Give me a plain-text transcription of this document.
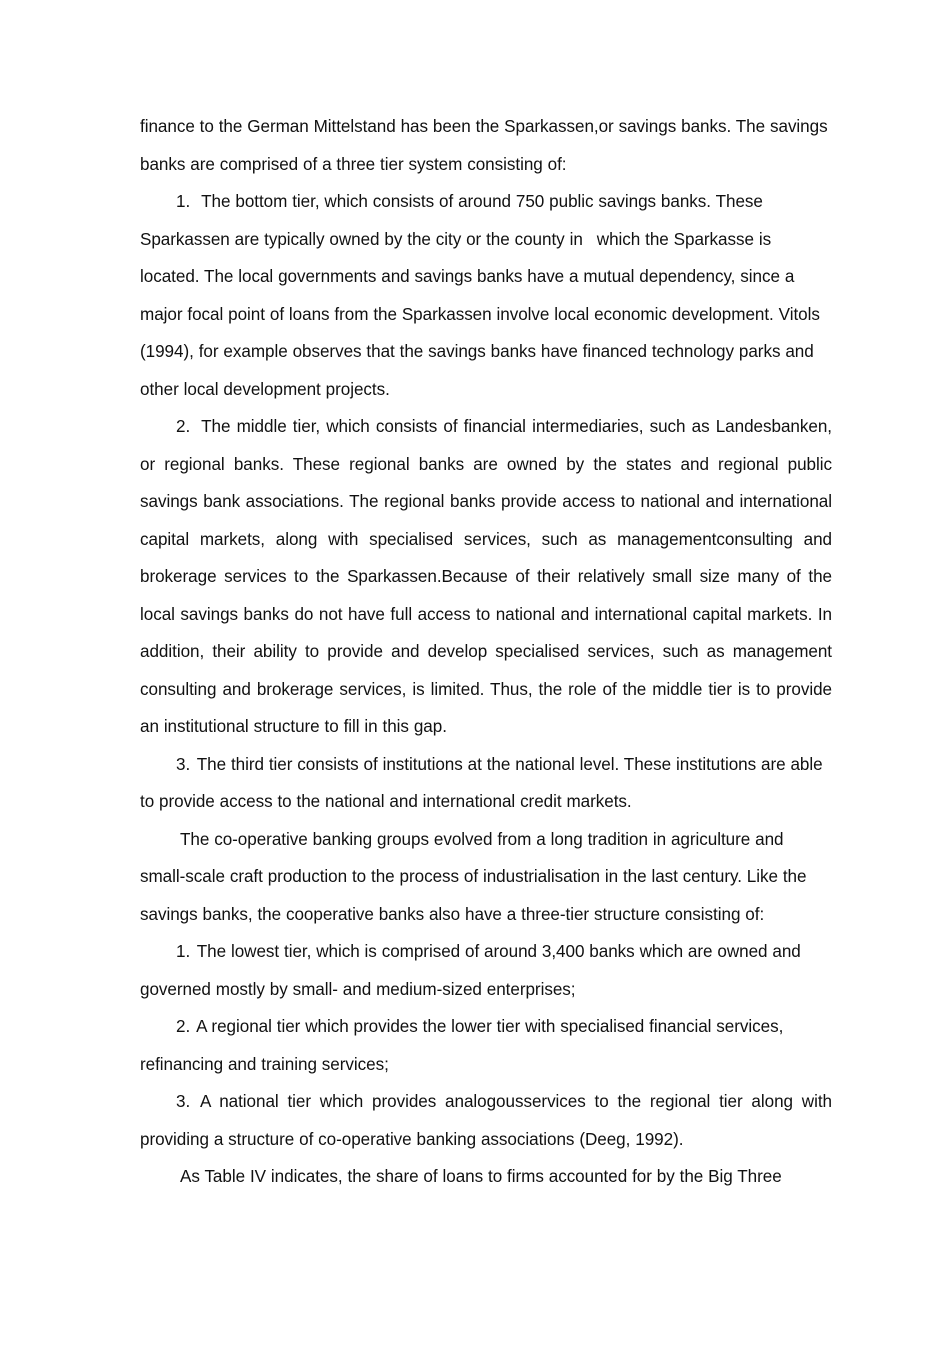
finance to the German Mittelstand has been the Sparkassen,or savings banks. The savings banks are comprised of a three tier system consisting of:

1. The bottom tier, which consists of around 750 public savings banks. These Sparkassen are typically owned by the city or the county in which the Sparkasse is located. The local governments and savings banks have a mutual dependency, since a major focal point of loans from the Sparkassen involve local economic development. Vitols (1994), for example observes that the savings banks have financed technology parks and other local development projects.

2. The middle tier, which consists of financial intermediaries, such as Landesbanken, or regional banks. These regional banks are owned by the states and regional public savings bank associations. The regional banks provide access to national and international capital markets, along with specialised services, such as managementconsulting and brokerage services to the Sparkassen.Because of their relatively small size many of the local savings banks do not have full access to national and international capital markets. In addition, their ability to provide and develop specialised services, such as management consulting and brokerage services, is limited. Thus, the role of the middle tier is to provide an institutional structure to fill in this gap.

3. The third tier consists of institutions at the national level. These institutions are able to provide access to the national and international credit markets.

The co-operative banking groups evolved from a long tradition in agriculture and small-scale craft production to the process of industrialisation in the last century. Like the savings banks, the cooperative banks also have a three-tier structure consisting of:

1. The lowest tier, which is comprised of around 3,400 banks which are owned and governed mostly by small- and medium-sized enterprises;

2. A regional tier which provides the lower tier with specialised financial services, refinancing and training services;

3. A national tier which provides analogousservices to the regional tier along with providing a structure of co-operative banking associations (Deeg, 1992).

As Table IV indicates, the share of loans to firms accounted for by the Big Three
